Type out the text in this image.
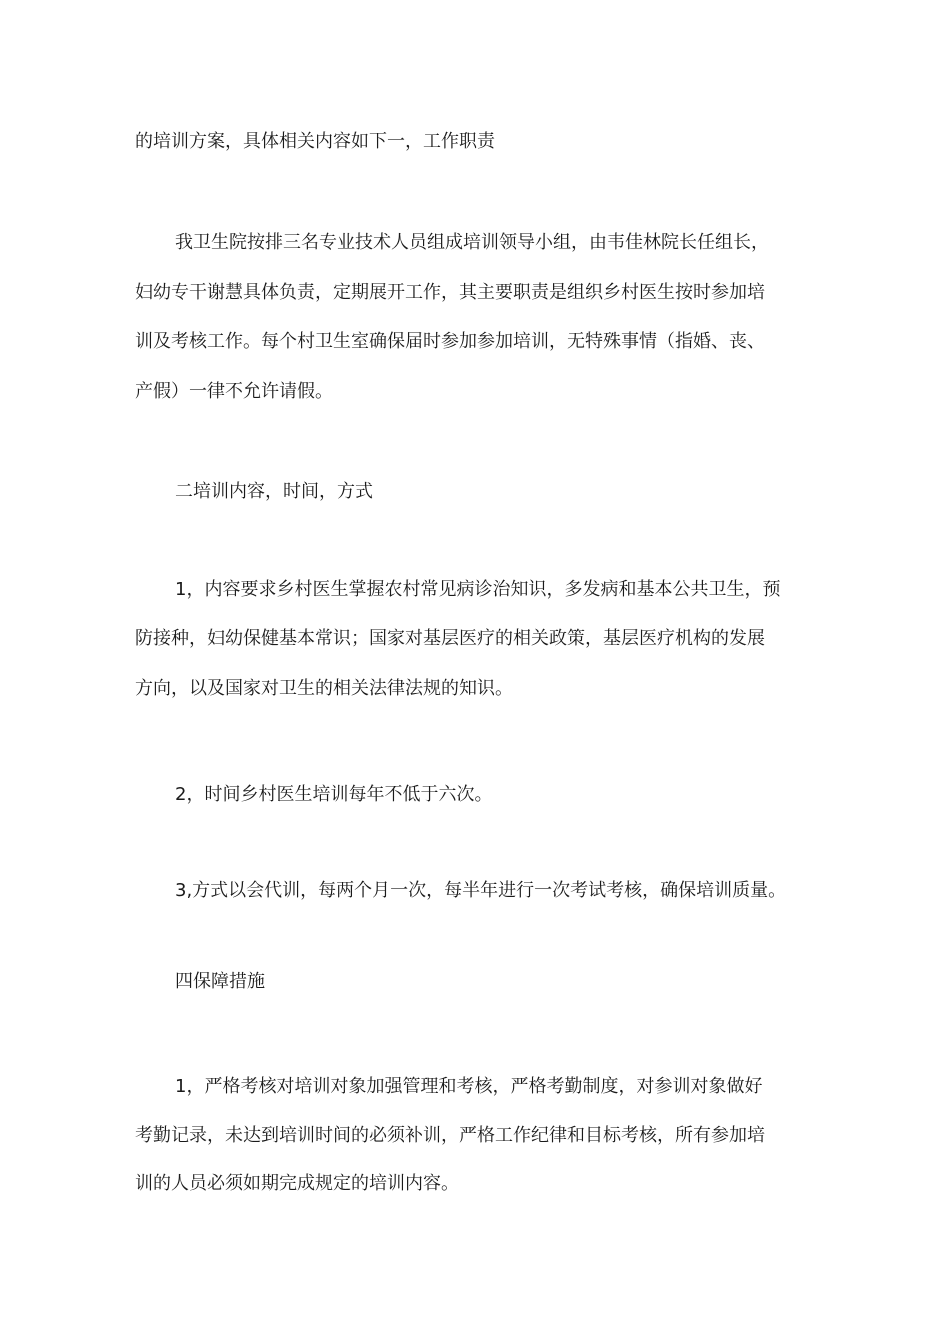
的培训方案，具体相关内容如下一，工作职责
我卫生院按排三名专业技术人员组成培训领导小组，由韦佳林院长任组长，
妇幼专干谢慧具体负责，定期展开工作，其主要职责是组织乡村医生按时参加培
训及考核工作。每个村卫生室确保届时参加参加培训，无特殊事情（指婚、丧、
产假）一律不允许请假。
二培训内容，时间，方式
1，内容要求乡村医生掌握农村常见病诊治知识，多发病和基本公共卫生，预
防接种，妇幼保健基本常识；国家对基层医疗的相关政策，基层医疗机构的发展
方向，以及国家对卫生的相关法律法规的知识。
2，时间乡村医生培训每年不低于六次。
3,方式以会代训，每两个月一次，每半年进行一次考试考核，确保培训质量。
四保障措施
1，严格考核对培训对象加强管理和考核，严格考勤制度，对参训对象做好
考勤记录，未达到培训时间的必须补训，严格工作纪律和目标考核，所有参加培
训的人员必须如期完成规定的培训内容。
